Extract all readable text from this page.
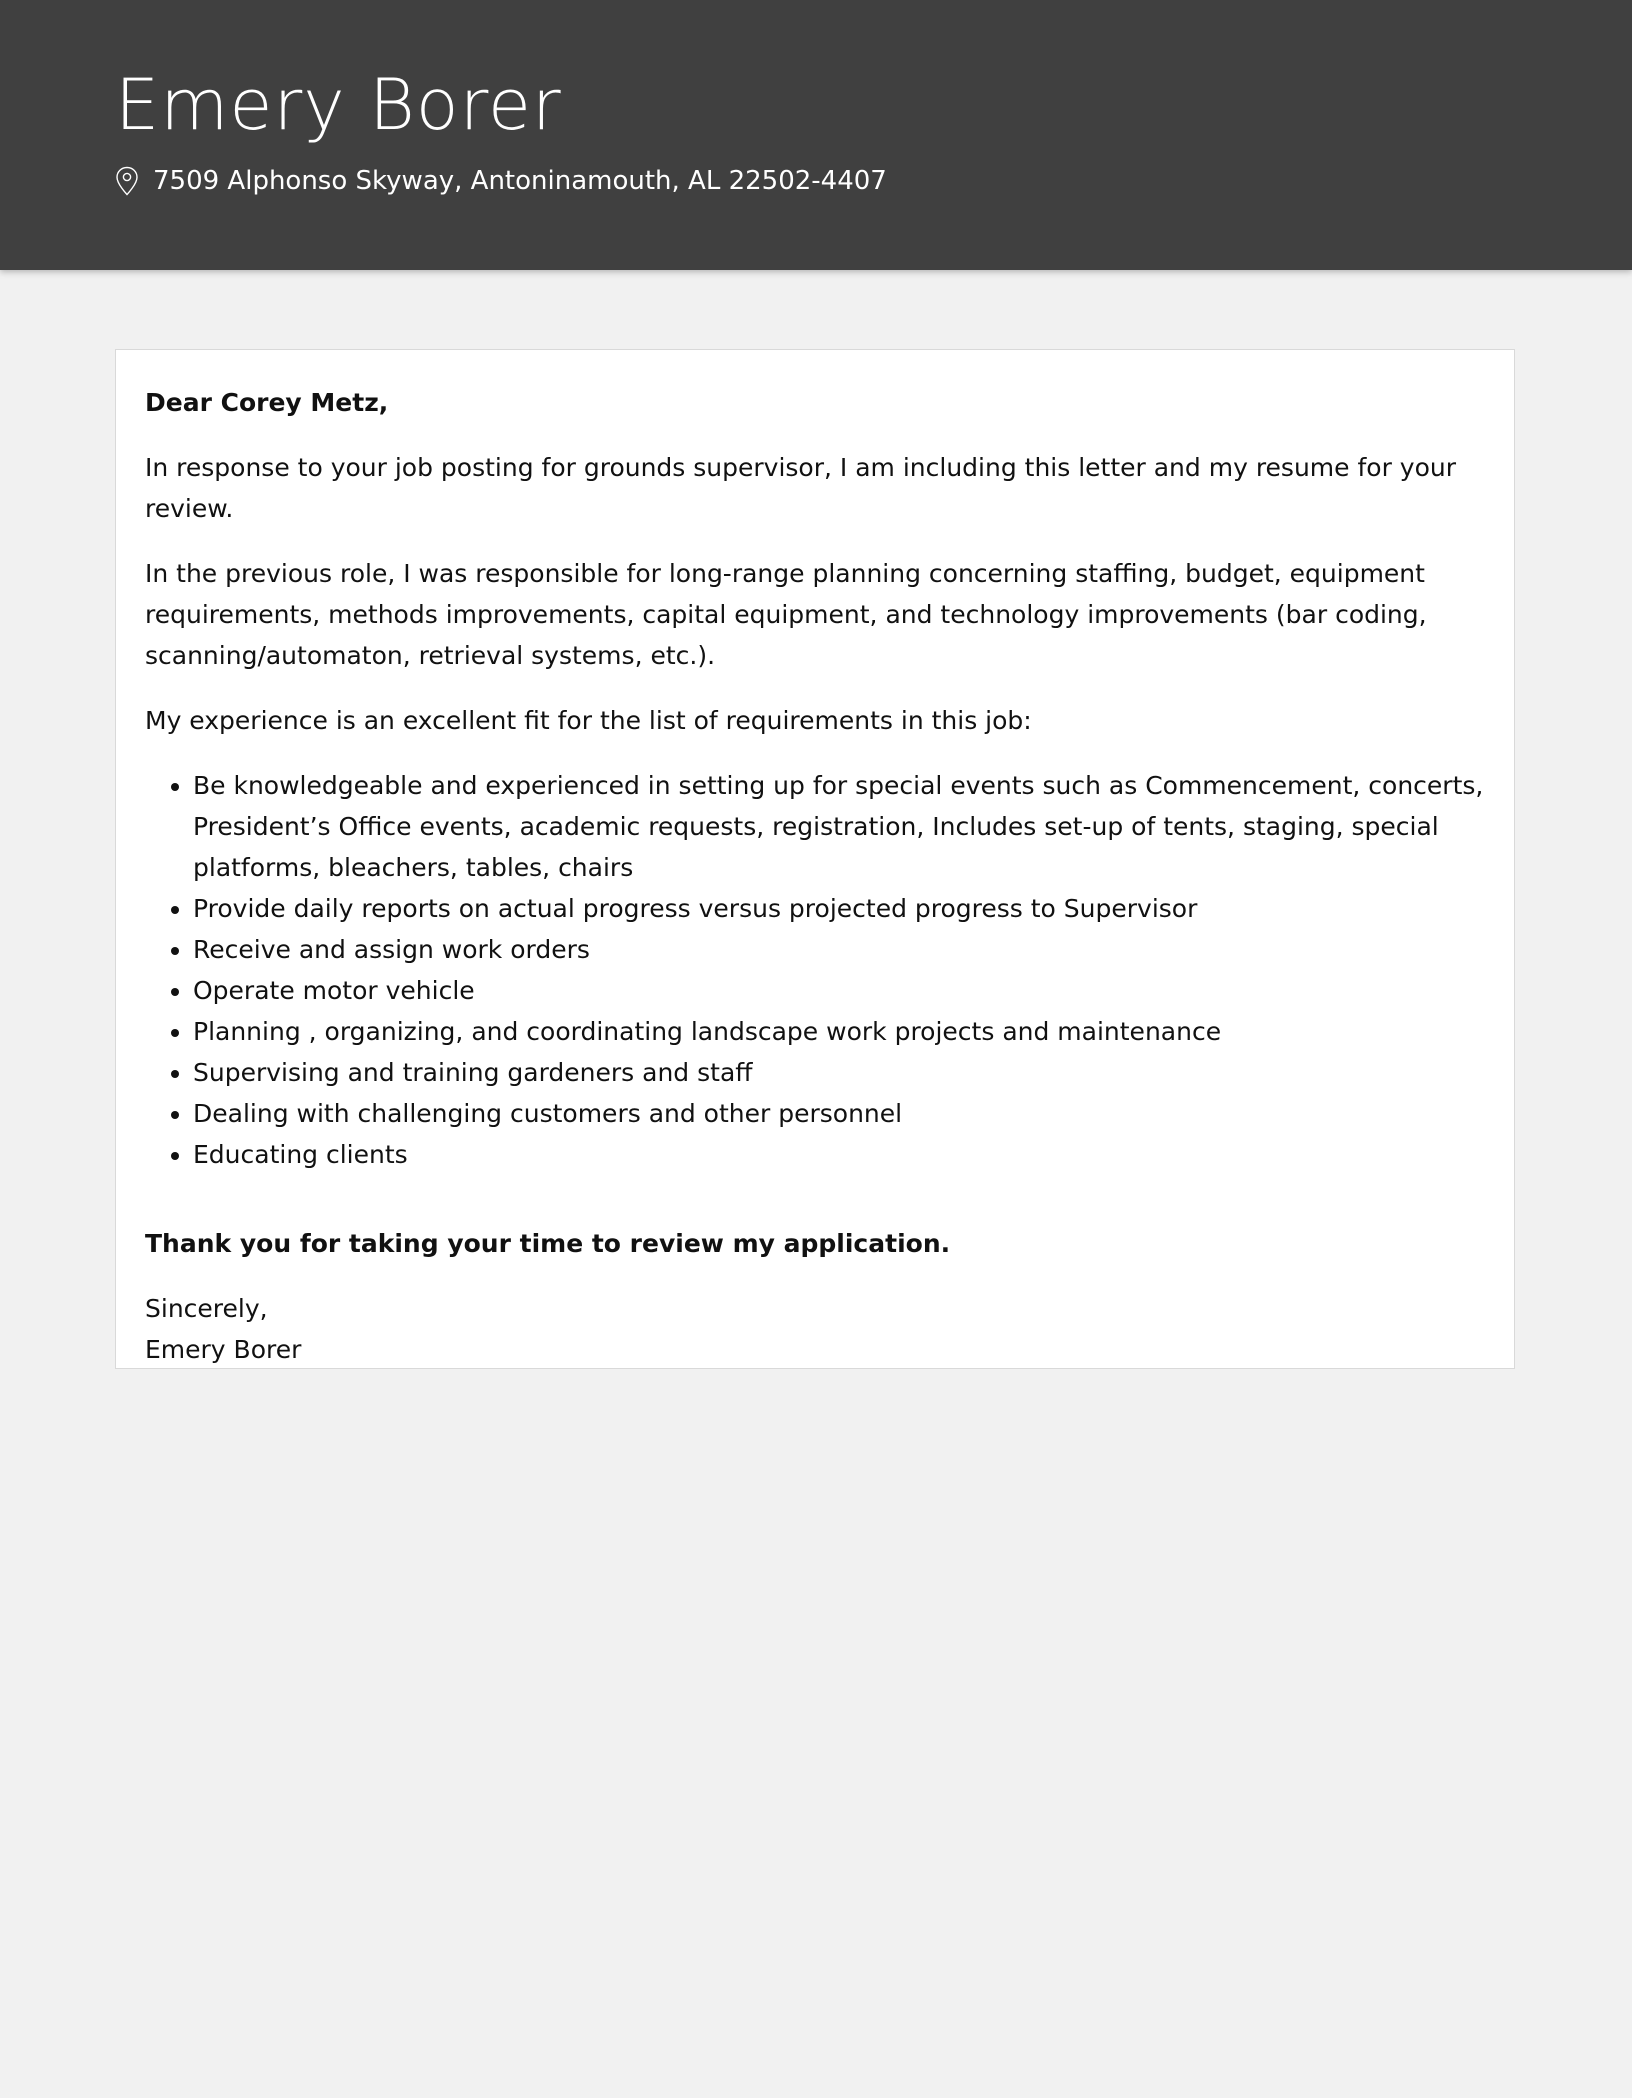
Emery Borer
7509 Alphonso Skyway, Antoninamouth, AL 22502-4407

Dear Corey Metz,

In response to your job posting for grounds supervisor, I am including this letter and my resume for your review.

In the previous role, I was responsible for long-range planning concerning staffing, budget, equipment requirements, methods improvements, capital equipment, and technology improvements (bar coding, scanning/automaton, retrieval systems, etc.).

My experience is an excellent fit for the list of requirements in this job:

• Be knowledgeable and experienced in setting up for special events such as Commencement, concerts, President’s Office events, academic requests, registration, Includes set-up of tents, staging, special platforms, bleachers, tables, chairs
• Provide daily reports on actual progress versus projected progress to Supervisor
• Receive and assign work orders
• Operate motor vehicle
• Planning , organizing, and coordinating landscape work projects and maintenance
• Supervising and training gardeners and staff
• Dealing with challenging customers and other personnel
• Educating clients

Thank you for taking your time to review my application.

Sincerely,

Emery Borer
